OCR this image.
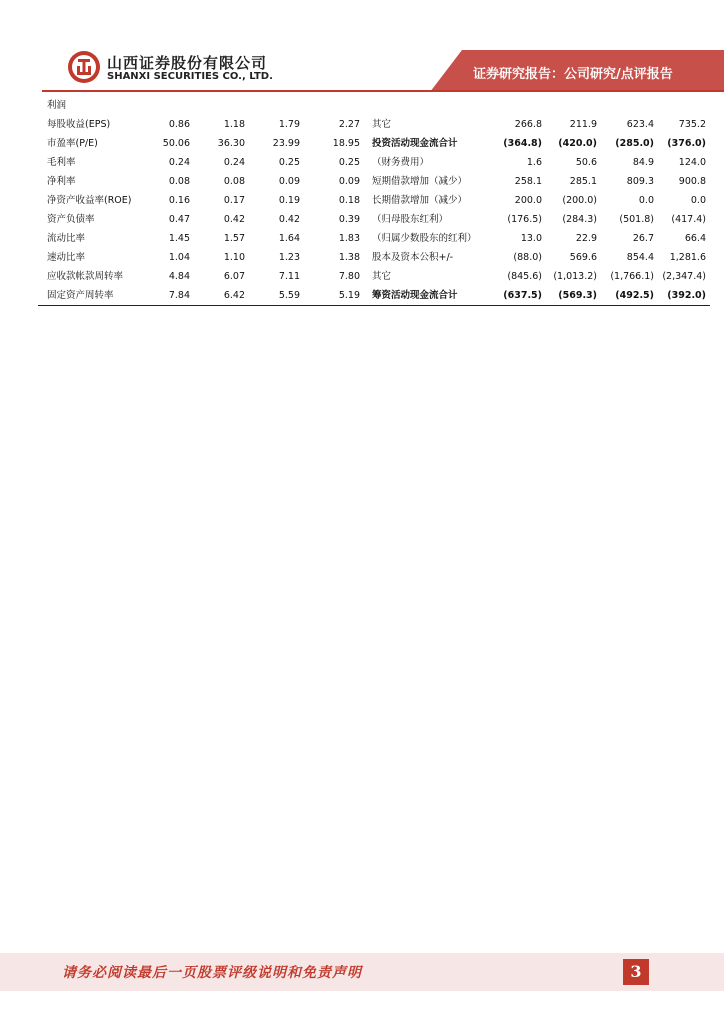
山西证券股份有限公司
SHANXI SECURITIES CO., LTD.	证券研究报告：公司研究/点评报告
利润
每股收益(EPS)	0.86	1.18	1.79	2.27 其它	266.8	211.9	623.4	735.2
市盈率(P/E)	50.06	36.30	23.99	18.95 投资活动现金流合计	(364.8) (420.0) (285.0) (376.0)
毛利率	0.24	0.24	0.25	0.25 （财务费用）	1.6	50.6	84.9	124.0
净利率	0.08	0.08	0.09	0.09 短期借款增加（减少）	258.1	285.1	809.3	900.8
净资产收益率(ROE)	0.16	0.17	0.19	0.18 长期借款增加（减少）	200.0 (200.0)	0.0	0.0
资产负债率	0.47	0.42	0.42	0.39 （归母股东红利）	(176.5) (284.3) (501.8) (417.4)
流动比率	1.45	1.57	1.64	1.83 （归属少数股东的红利）	13.0	22.9	26.7	66.4
速动比率	1.04	1.10	1.23	1.38 股本及资本公积+/-	(88.0)	569.6	854.4 1,281.6
应收款帐款周转率	4.84	6.07	7.11	7.80 其它	(845.6) (1,013.2) (1,766.1) (2,347.4)
固定资产周转率	7.84	6.42	5.59	5.19 筹资活动现金流合计	(637.5) (569.3) (492.5) (392.0)
请务必阅读最后一页股票评级说明和免责声明	3
